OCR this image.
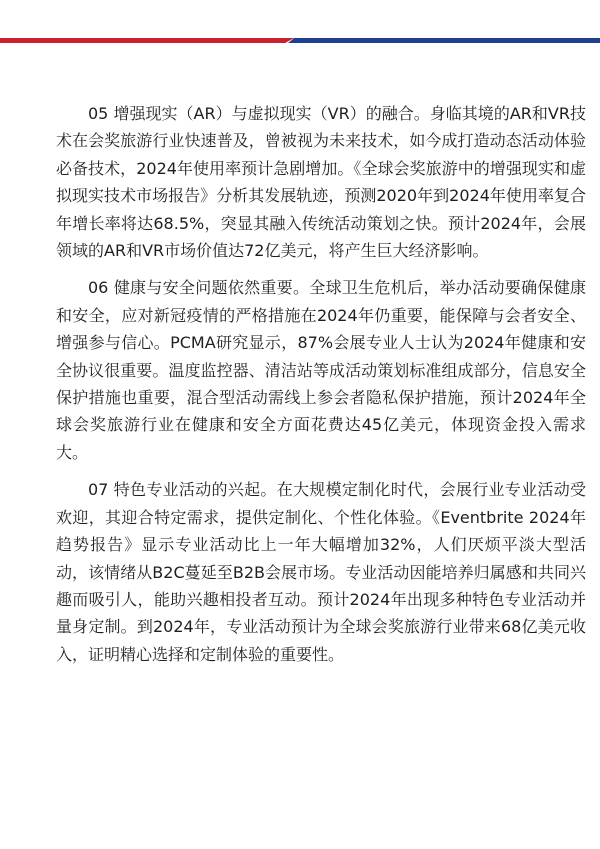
05 增强现实（AR）与虚拟现实（VR）的融合。身临其境的AR和VR技术在会奖旅游行业快速普及，曾被视为未来技术，如今成打造动态活动体验必备技术，2024年使用率预计急剧增加。《全球会奖旅游中的增强现实和虚拟现实技术市场报告》分析其发展轨迹，预测2020年到2024年使用率复合年增长率将达68.5%，突显其融入传统活动策划之快。预计2024年，会展领域的AR和VR市场价值达72亿美元，将产生巨大经济影响。

06 健康与安全问题依然重要。全球卫生危机后，举办活动要确保健康和安全，应对新冠疫情的严格措施在2024年仍重要，能保障与会者安全、增强参与信心。PCMA研究显示，87%会展专业人士认为2024年健康和安全协议很重要。温度监控器、清洁站等成活动策划标准组成部分，信息安全保护措施也重要，混合型活动需线上参会者隐私保护措施，预计2024年全球会奖旅游行业在健康和安全方面花费达45亿美元，体现资金投入需求大。

07 特色专业活动的兴起。在大规模定制化时代，会展行业专业活动受欢迎，其迎合特定需求，提供定制化、个性化体验。《Eventbrite 2024年趋势报告》显示专业活动比上一年大幅增加32%，人们厌烦平淡大型活动，该情绪从B2C蔓延至B2B会展市场。专业活动因能培养归属感和共同兴趣而吸引人，能助兴趣相投者互动。预计2024年出现多种特色专业活动并量身定制。到2024年，专业活动预计为全球会奖旅游行业带来68亿美元收入，证明精心选择和定制体验的重要性。
